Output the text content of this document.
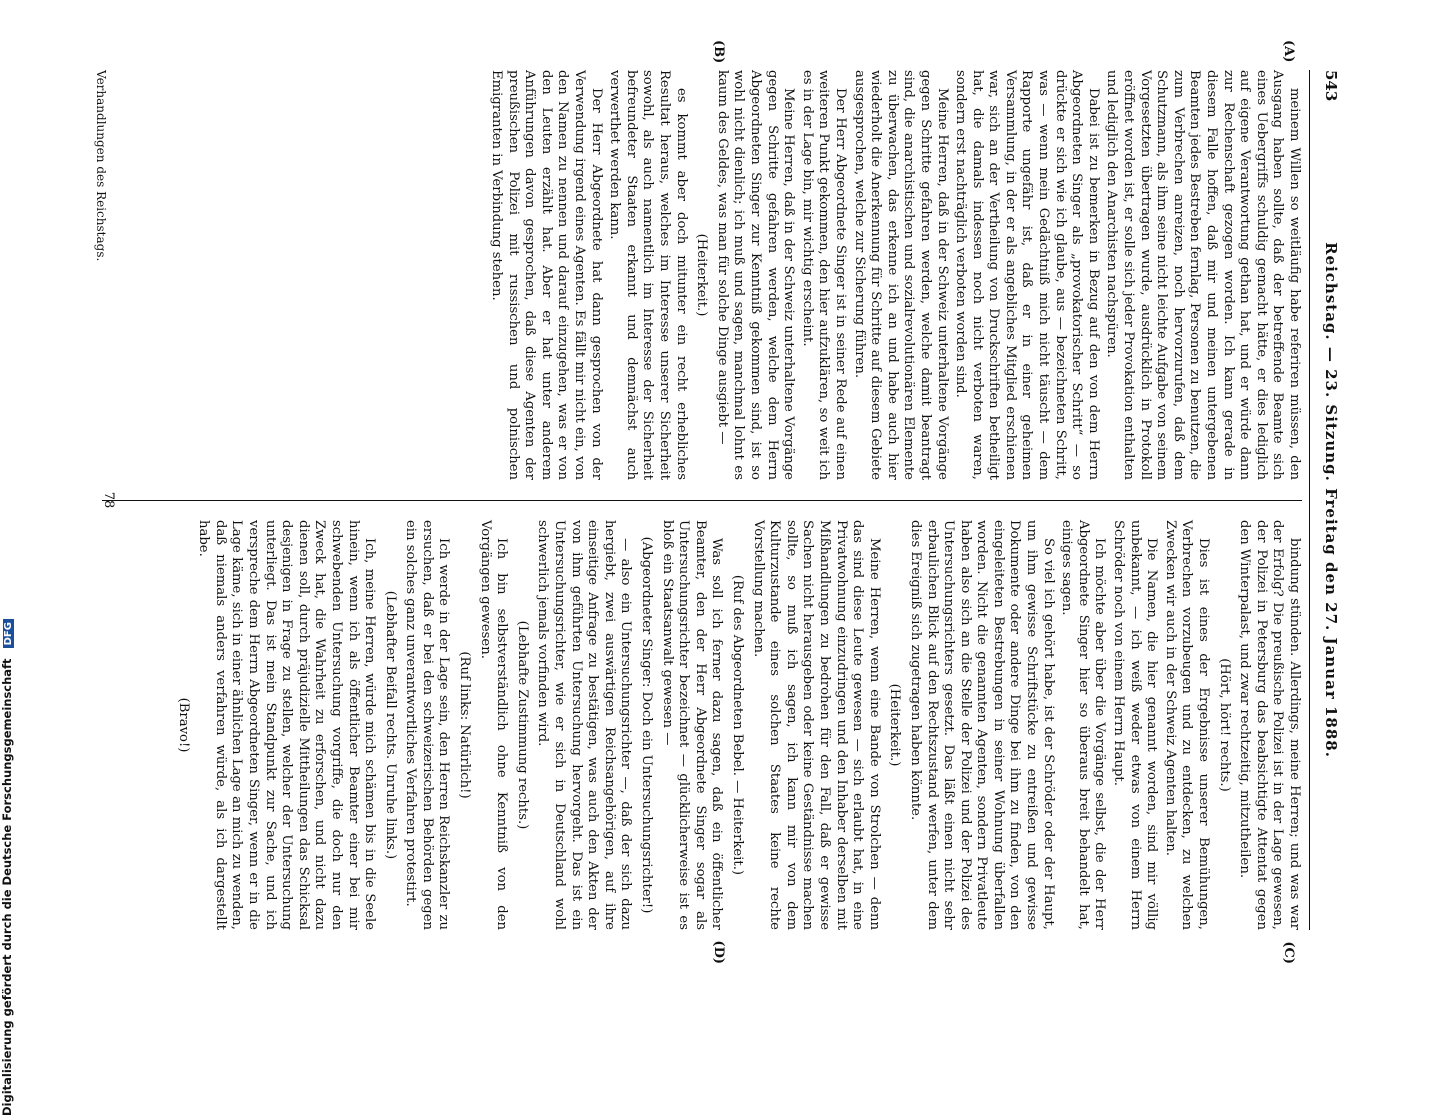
543
Reichstag. — 23. Sitzung. Freitag den 27. Januar 1888.
(A)
(B)
(C)
(D)

meinem Willen so weitläufig habe referiren müssen, den Ausgang haben sollte, daß der betreffende Beamte sich eines Uebergriffs schuldig gemacht hätte, er dies lediglich auf eigene Verantwortung gethan hat, und er würde dann zur Rechenschaft gezogen worden. Ich kann gerade in diesem Falle hoffen, daß mir und meinen untergebenen Beamten jedes Bestreben fernlag, Personen zu benutzen, die zum Verbrechen anreizen, noch hervorzurufen, daß dem Schutzmann, als ihm seine nicht leichte Aufgabe von seinem Vorgesetzten übertragen wurde, ausdrücklich in Protokoll eröffnet worden ist, er solle sich jeder Provokation enthalten und lediglich den Anarchisten nachspüren.

Dabei ist zu bemerken in Bezug auf den von dem Herrn Abgeordneten Singer als „provokatorischer Schritt“ — so drückte er sich wie ich glaube, aus — bezeichneten Schritt, was — wenn mein Gedächtniß mich nicht täuscht — dem Rapporte ungefähr ist, daß er in einer geheimen Versammlung, in der er als angebliches Mitglied erschienen war, sich an der Vertheilung von Druckschriften betheiligt hat, die damals indessen noch nicht verboten waren, sondern erst nachträglich verboten worden sind.

Meine Herren, daß in der Schweiz unterhaltene Vorgänge gegen Schritte gefahren werden, welche damit beantragt sind, die anarchistischen und sozialrevolutionären Elemente zu überwachen, das erkenne ich an und habe auch hier wiederholt die Anerkennung für Schritte auf diesem Gebiete ausgesprochen, welche zur Sicherung führen.

Der Herr Abgeordnete Singer ist in seiner Rede auf einen weiteren Punkt gekommen, den hier aufzuklären, so weit ich es in der Lage bin, mir wichtig erscheint.

Meine Herren, daß in der Schweiz unterhaltene Vorgänge gegen Schritte gefahren werden, welche dem Herrn Abgeordneten Singer zur Kenntniß gekommen sind, ist so wohl nicht dienlich; ich muß und sagen, manchmal lohnt es kaum des Geldes, was man für solche Dinge ausgiebt —

(Heiterkeit.)

es kommt aber doch mitunter ein recht erhebliches Resultat heraus, welches im Interesse unserer Sicherheit sowohl, als auch namentlich im Interesse der Sicherheit befreundeter Staaten erkannt und demnächst auch verwerthet werden kann.

Der Herr Abgeordnete hat dann gesprochen von der Verwendung irgend eines Agenten. Es fällt mir nicht ein, von den Namen zu nennen und darauf einzugehen, was er von den Leuten erzählt hat. Aber er hat unter anderem Anführungen davon gesprochen, daß diese Agenten der preußischen Polizei mit russischen und polnischen Emigranten in Verbindung stehen.

bindung stünden. Allerdings, meine Herren; und was war der Erfolg? Die preußische Polizei ist in der Lage gewesen, der Polizei in Petersburg das beabsichtigte Attentat gegen den Winterpalast, und zwar rechtzeitig, mitzutheilen.

(Hört, hört! rechts.)

Dies ist eines der Ergebnisse unserer Bemühungen, Verbrechen vorzubeugen und zu entdecken, zu welchen Zwecken wir auch in der Schweiz Agenten halten.

Die Namen, die hier genannt worden, sind mir völlig unbekannt, — ich weiß weder etwas von einem Herrn Schröder noch von einem Herrn Haupt.

Ich möchte aber über die Vorgänge selbst, die der Herr Abgeordnete Singer hier so überaus breit behandelt hat, einiges sagen.

So viel ich gehört habe, ist der Schröder oder der Haupt, um ihm gewisse Schriftstücke zu entreißen und gewisse Dokumente oder andere Dinge bei ihm zu finden, von den eingeleiteten Bestrebungen in seiner Wohnung überfallen worden. Nicht die genannten Agenten, sondern Privatleute haben also sich an die Stelle der Polizei und der Polizei des Untersuchungsrichters gesetzt. Das läßt einen nicht sehr erbaulichen Blick auf den Rechtszustand werfen, unter dem dies Ereigniß sich zugetragen haben könnte.

(Heiterkeit.)

Meine Herren, wenn eine Bande von Strolchen — denn das sind diese Leute gewesen — sich erlaubt hat, in eine Privatwohnung einzudringen und den Inhaber derselben mit Mißhandlungen zu bedrohen für den Fall, daß er gewisse Sachen nicht herausgeben oder keine Geständnisse machen sollte, so muß ich sagen, ich kann mir von dem Kulturzustande eines solchen Staates keine rechte Vorstellung machen.

(Ruf des Abgeordneten Bebel. — Heiterkeit.)

Was soll ich ferner dazu sagen, daß ein öffentlicher Beamter, den der Herr Abgeordnete Singer sogar als Untersuchungsrichter bezeichnet — glücklicherweise ist es bloß ein Staatsanwalt gewesen —

(Abgeordneter Singer: Doch ein Untersuchungsrichter!)

— also ein Untersuchungsrichter —, daß der sich dazu hergiebt, zwei auswärtigen Reichsangehörigen, auf ihre einseitige Anfrage zu bestätigen, was auch den Akten der von ihm geführten Untersuchung hervorgeht. Das ist ein Untersuchungsrichter, wie er sich in Deutschland wohl schwerlich jemals vorfinden wird.

(Lebhafte Zustimmung rechts.)

Ich bin selbstverständlich ohne Kenntniß von den Vorgängen gewesen.

(Ruf links: Natürlich!)

Ich werde in der Lage sein, den Herren Reichskanzler zu ersuchen, daß er bei den schweizerischen Behörden gegen ein solches ganz unverantwortliches Verfahren protestirt.

(Lebhafter Beifall rechts. Unruhe links.)

Ich, meine Herren, würde mich schämen bis in die Seele hinein, wenn ich als öffentlicher Beamter einer bei mir schwebenden Untersuchung vorgriffe, die doch nur den Zweck hat, die Wahrheit zu erforschen, und nicht dazu dienen soll, durch präjudizielle Mittheilungen das Schicksal desjenigen in Frage zu stellen, welcher der Untersuchung unterliegt. Das ist mein Standpunkt zur Sache, und ich verspreche dem Herrn Abgeordneten Singer, wenn er in die Lage käme, sich in einer ähnlichen Lage an mich zu wenden, daß niemals anders verfahren würde, als ich dargestellt habe.

(Bravo!)

Verhandlungen des Reichstags.
78
Digitalisierung gefördert durch die Deutsche Forschungsgemeinschaft DFG
